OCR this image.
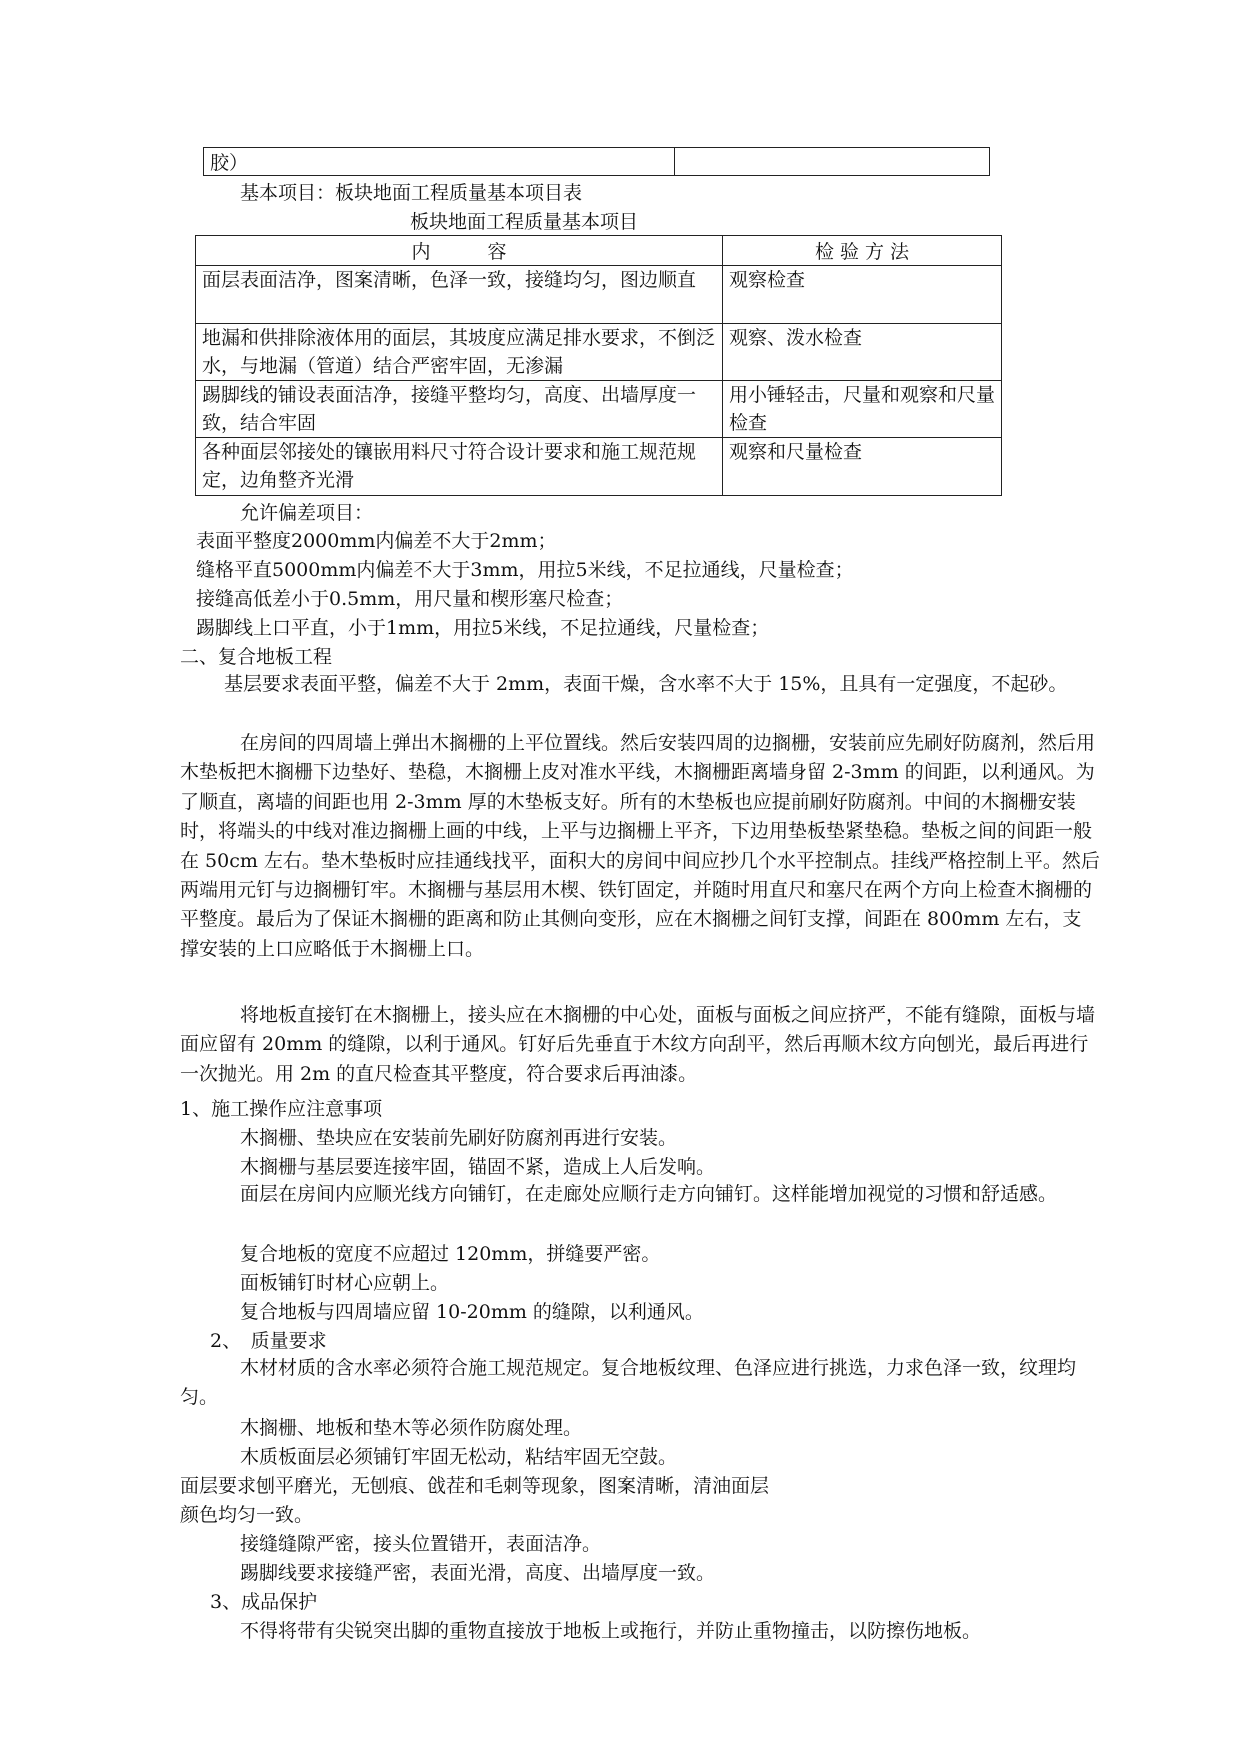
胶）	
基本项目：板块地面工程质量基本项目表
板块地面工程质量基本项目
内　　　容	检 验 方 法
面层表面洁净，图案清晰，色泽一致，接缝均匀，图边顺直	观察检查
地漏和供排除液体用的面层，其坡度应满足排水要求，不倒泛水，与地漏（管道）结合严密牢固，无渗漏	观察、泼水检查
踢脚线的铺设表面洁净，接缝平整均匀，高度、出墙厚度一致，结合牢固	用小锤轻击，尺量和观察和尺量检查
各种面层邻接处的镶嵌用料尺寸符合设计要求和施工规范规定，边角整齐光滑	观察和尺量检查
允许偏差项目：
表面平整度2000mm内偏差不大于2mm；
缝格平直5000mm内偏差不大于3mm，用拉5米线，不足拉通线，尺量检查；
接缝高低差小于0.5mm，用尺量和楔形塞尺检查；
踢脚线上口平直，小于1mm，用拉5米线，不足拉通线，尺量检查；
二、复合地板工程
基层要求表面平整，偏差不大于 2mm，表面干燥，含水率不大于 15%，且具有一定强度，不起砂。
在房间的四周墙上弹出木搁栅的上平位置线。然后安装四周的边搁栅，安装前应先刷好防腐剂，然后用木垫板把木搁栅下边垫好、垫稳，木搁栅上皮对准水平线，木搁栅距离墙身留 2-3mm 的间距，以利通风。为了顺直，离墙的间距也用 2-3mm 厚的木垫板支好。所有的木垫板也应提前刷好防腐剂。中间的木搁栅安装时，将端头的中线对准边搁栅上画的中线，上平与边搁栅上平齐，下边用垫板垫紧垫稳。垫板之间的间距一般在 50cm 左右。垫木垫板时应挂通线找平，面积大的房间中间应抄几个水平控制点。挂线严格控制上平。然后两端用元钉与边搁栅钉牢。木搁栅与基层用木楔、铁钉固定，并随时用直尺和塞尺在两个方向上检查木搁栅的平整度。最后为了保证木搁栅的距离和防止其侧向变形，应在木搁栅之间钉支撑，间距在 800mm 左右，支撑安装的上口应略低于木搁栅上口。
将地板直接钉在木搁栅上，接头应在木搁栅的中心处，面板与面板之间应挤严，不能有缝隙，面板与墙面应留有 20mm 的缝隙，以利于通风。钉好后先垂直于木纹方向刮平，然后再顺木纹方向刨光，最后再进行一次抛光。用 2m 的直尺检查其平整度，符合要求后再油漆。
1、施工操作应注意事项
木搁栅、垫块应在安装前先刷好防腐剂再进行安装。
木搁栅与基层要连接牢固，锚固不紧，造成上人后发响。
面层在房间内应顺光线方向铺钉，在走廊处应顺行走方向铺钉。这样能增加视觉的习惯和舒适感。
复合地板的宽度不应超过 120mm，拼缝要严密。
面板铺钉时材心应朝上。
复合地板与四周墙应留 10-20mm 的缝隙，以利通风。
2、　质量要求
木材材质的含水率必须符合施工规范规定。复合地板纹理、色泽应进行挑选，力求色泽一致，纹理均匀。
木搁栅、地板和垫木等必须作防腐处理。
木质板面层必须铺钉牢固无松动，粘结牢固无空鼓。
面层要求刨平磨光，无刨痕、戗茬和毛刺等现象，图案清晰，清油面层
颜色均匀一致。
接缝缝隙严密，接头位置错开，表面洁净。
踢脚线要求接缝严密，表面光滑，高度、出墙厚度一致。
3、成品保护
不得将带有尖锐突出脚的重物直接放于地板上或拖行，并防止重物撞击，以防擦伤地板。
